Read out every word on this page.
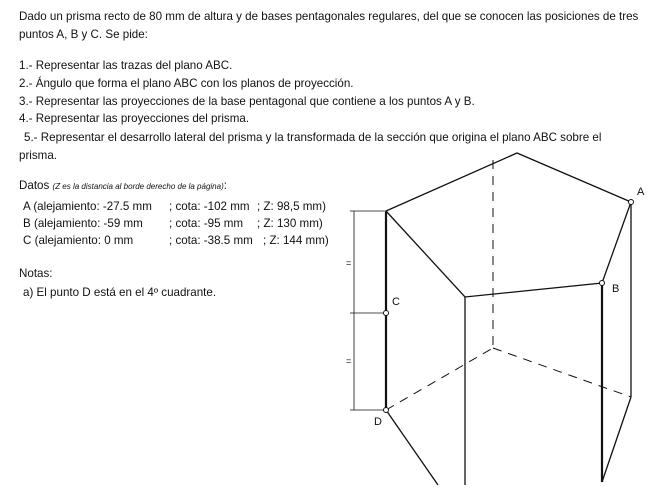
Dado un prisma recto de 80 mm de altura y de bases pentagonales regulares, del que se conocen las posiciones de tres puntos A, B y C. Se pide:
1.- Representar las trazas del plano ABC.
2.- Ángulo que forma el plano ABC con los planos de proyección.
3.- Representar las proyecciones de la base pentagonal que contiene a los puntos A y B.
4.- Representar las proyecciones del prisma.
5.- Representar el desarrollo lateral del prisma y la transformada de la sección que origina el plano ABC sobre el prisma.
Datos (Z es la distancia al borde derecho de la página):
A (alejamiento: -27.5 mm ; cota: -102 mm ; Z: 98,5 mm)
B (alejamiento: -59 mm ; cota: -95 mm ; Z: 130 mm)
C (alejamiento: 0 mm	; cota: -38.5 mm ; Z: 144 mm)
Notas:
a) El punto D está en el 4º cuadrante.
=
=
A
B
C
D
